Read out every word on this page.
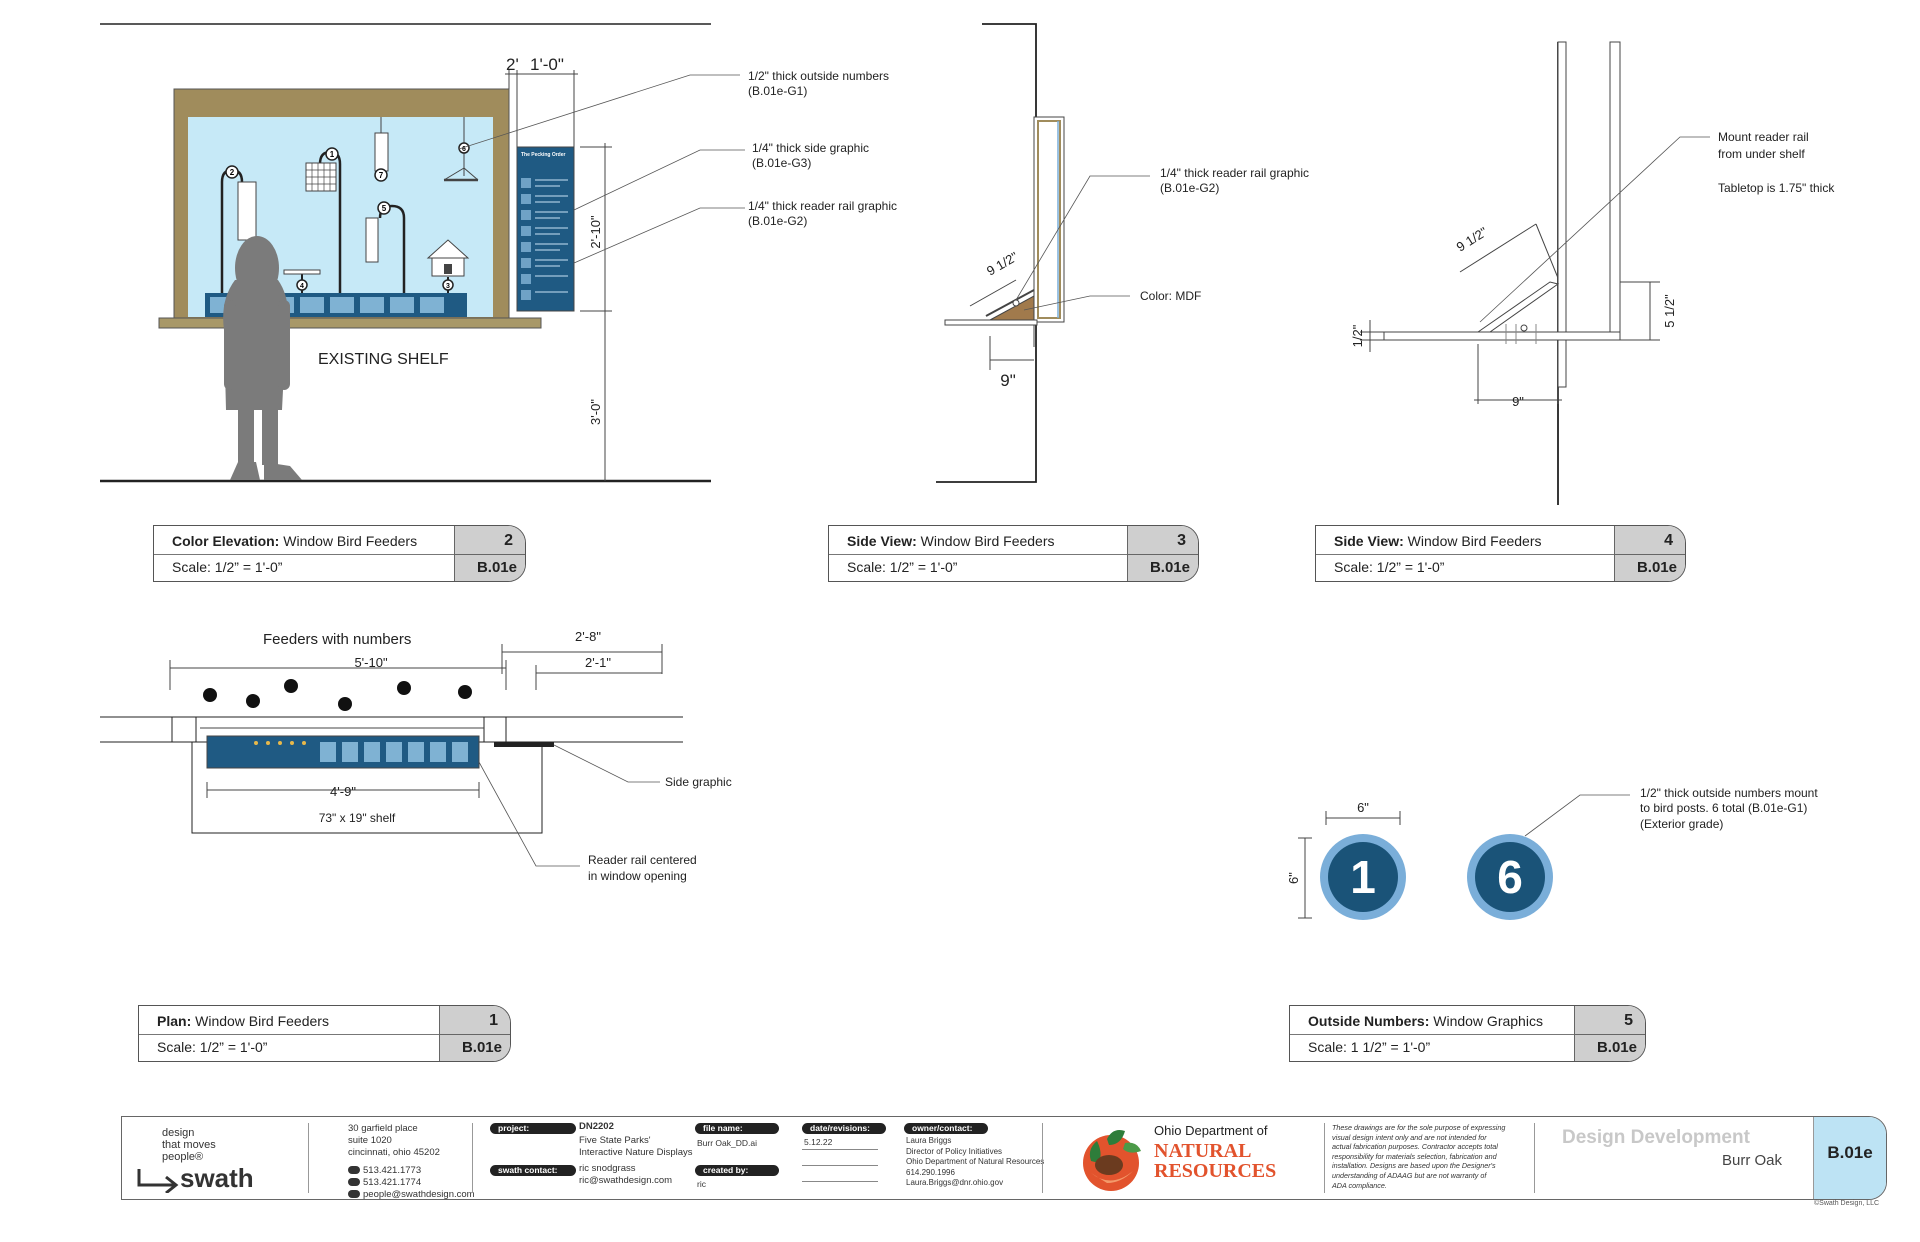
2
1
7
5
4	3
6
The Pecking Order
2' 1'-0"
2'-10"
3'-0"
EXISTING SHELF
1/2" thick outside numbers
(B.01e-G1)
1/4" thick side graphic
(B.01e-G3)
1/4" thick reader rail graphic
(B.01e-G2)
9"
9 1/2"
1/4" thick reader rail graphic
(B.01e-G2)
Color: MDF
9 1/2"
5 1/2"
1/2"
9"
Mount reader rail
from under shelf
Tabletop is 1.75" thick
Feeders with numbers
5'-10"
2'-8"
2'-1"
4'-9"
73" x 19" shelf
Side graphic
Reader rail centered
in window opening
6"
6" 1	6
1/2" thick outside numbers mount
to bird posts. 6 total (B.01e-G1)
(Exterior grade)
Color Elevation: Window Bird Feeders
Scale: 1/2” = 1'-0”
2
B.01e
Side View: Window Bird Feeders
Scale: 1/2” = 1'-0”
3
B.01e
Side View: Window Bird Feeders
Scale: 1/2” = 1'-0”
4
B.01e
Plan: Window Bird Feeders
Scale: 1/2” = 1'-0”
1
B.01e
Outside Numbers: Window Graphics
Scale: 1 1/2” = 1'-0”
5
B.01e
design
that moves
people®
swath
30 garfield place
suite 1020
cincinnati, ohio 45202
513.421.1773
513.421.1774
people@swathdesign.com
project:	DN2202
Five State Parks'
Interactive Nature Displays
swath contact:	ric snodgrass
ric@swathdesign.com
file name:
Burr Oak_DD.ai
created by:
ric
date/revisions:
5.12.22
owner/contact:
Laura Briggs
Director of Policy Initiatives
Ohio Department of Natural Resources
614.290.1996
Laura.Briggs@dnr.ohio.gov
Ohio Department of
NATURAL
RESOURCES
These drawings are for the sole purpose of expressing
visual design intent only and are not intended for
actual fabrication purposes. Contractor accepts total
responsibility for materials selection, fabrication and
installation. Designs are based upon the Designer's
understanding of ADAAG but are not warranty of
ADA compliance.
Design Development
Burr Oak	B.01e
©Swath Design, LLC
